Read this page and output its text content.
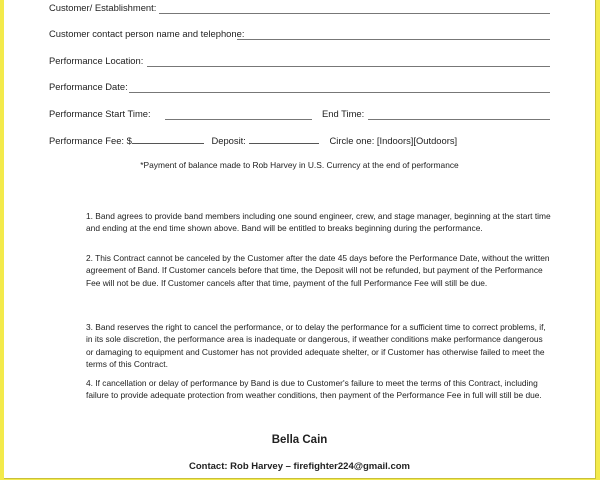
Customer/ Establishment:
Customer contact person name and telephone:
Performance Location:
Performance Date:
Performance Start Time:	End Time:
Performance Fee: $	Deposit:	Circle one: [Indoors][Outdoors]
*Payment of balance made to Rob Harvey in U.S. Currency at the end of performance

1. Band agrees to provide band members including one sound engineer, crew, and stage manager, beginning at the start time and ending at the end time shown above. Band will be entitled to breaks beginning during the performance.

2. This Contract cannot be canceled by the Customer after the date 45 days before the Performance Date, without the written agreement of Band. If Customer cancels before that time, the Deposit will not be refunded, but payment of the Performance Fee will not be due. If Customer cancels after that time, payment of the full Performance Fee will still be due.

3. Band reserves the right to cancel the performance, or to delay the performance for a sufficient time to correct problems, if, in its sole discretion, the performance area is inadequate or dangerous, if weather conditions make performance dangerous or damaging to equipment and Customer has not provided adequate shelter, or if Customer has otherwise failed to meet the terms of this Contract.

4. If cancellation or delay of performance by Band is due to Customer's failure to meet the terms of this Contract, including failure to provide adequate protection from weather conditions, then payment of the Performance Fee in full will still be due.

Bella Cain
Contact: Rob Harvey – firefighter224@gmail.com
